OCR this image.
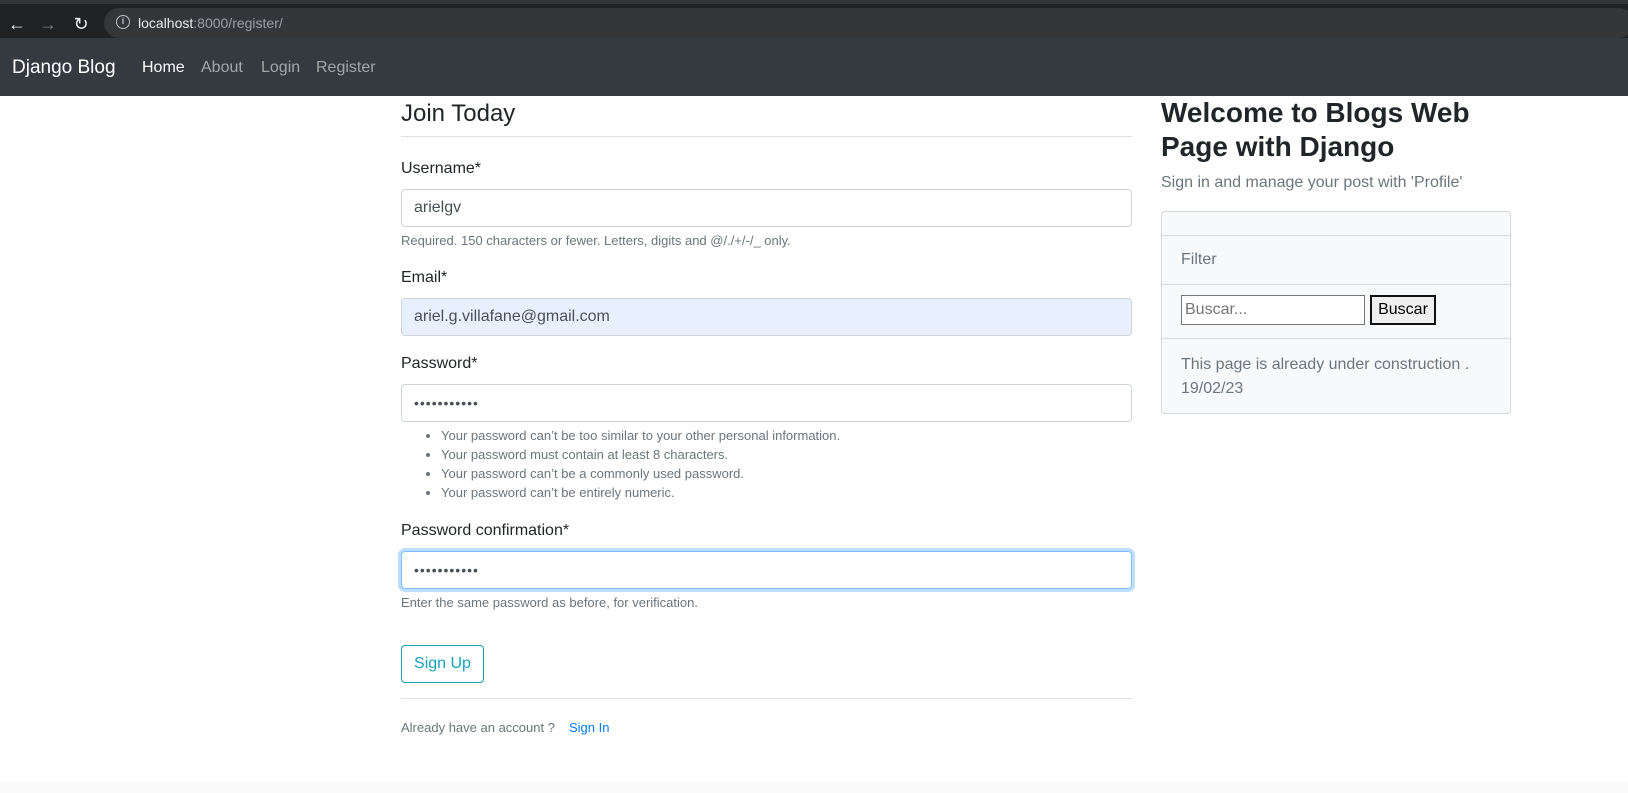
← → ↻	i localhost:8000/register/
Django Blog Home About Login Register
Join Today
Username*
arielgv
Required. 150 characters or fewer. Letters, digits and @/./+/-/_ only.
Email*
ariel.g.villafane@gmail.com
Password*
•••••••••••
• Your password can’t be too similar to your other personal information.
• Your password must contain at least 8 characters.
• Your password can’t be a commonly used password.
• Your password can’t be entirely numeric.
Password confirmation*
•••••••••••
Enter the same password as before, for verification.
Sign Up
Already have an account ? Sign In
Welcome to Blogs Web Page with Django
Sign in and manage your post with 'Profile'
Filter
Buscar...	Buscar
This page is already under construction . 19/02/23
